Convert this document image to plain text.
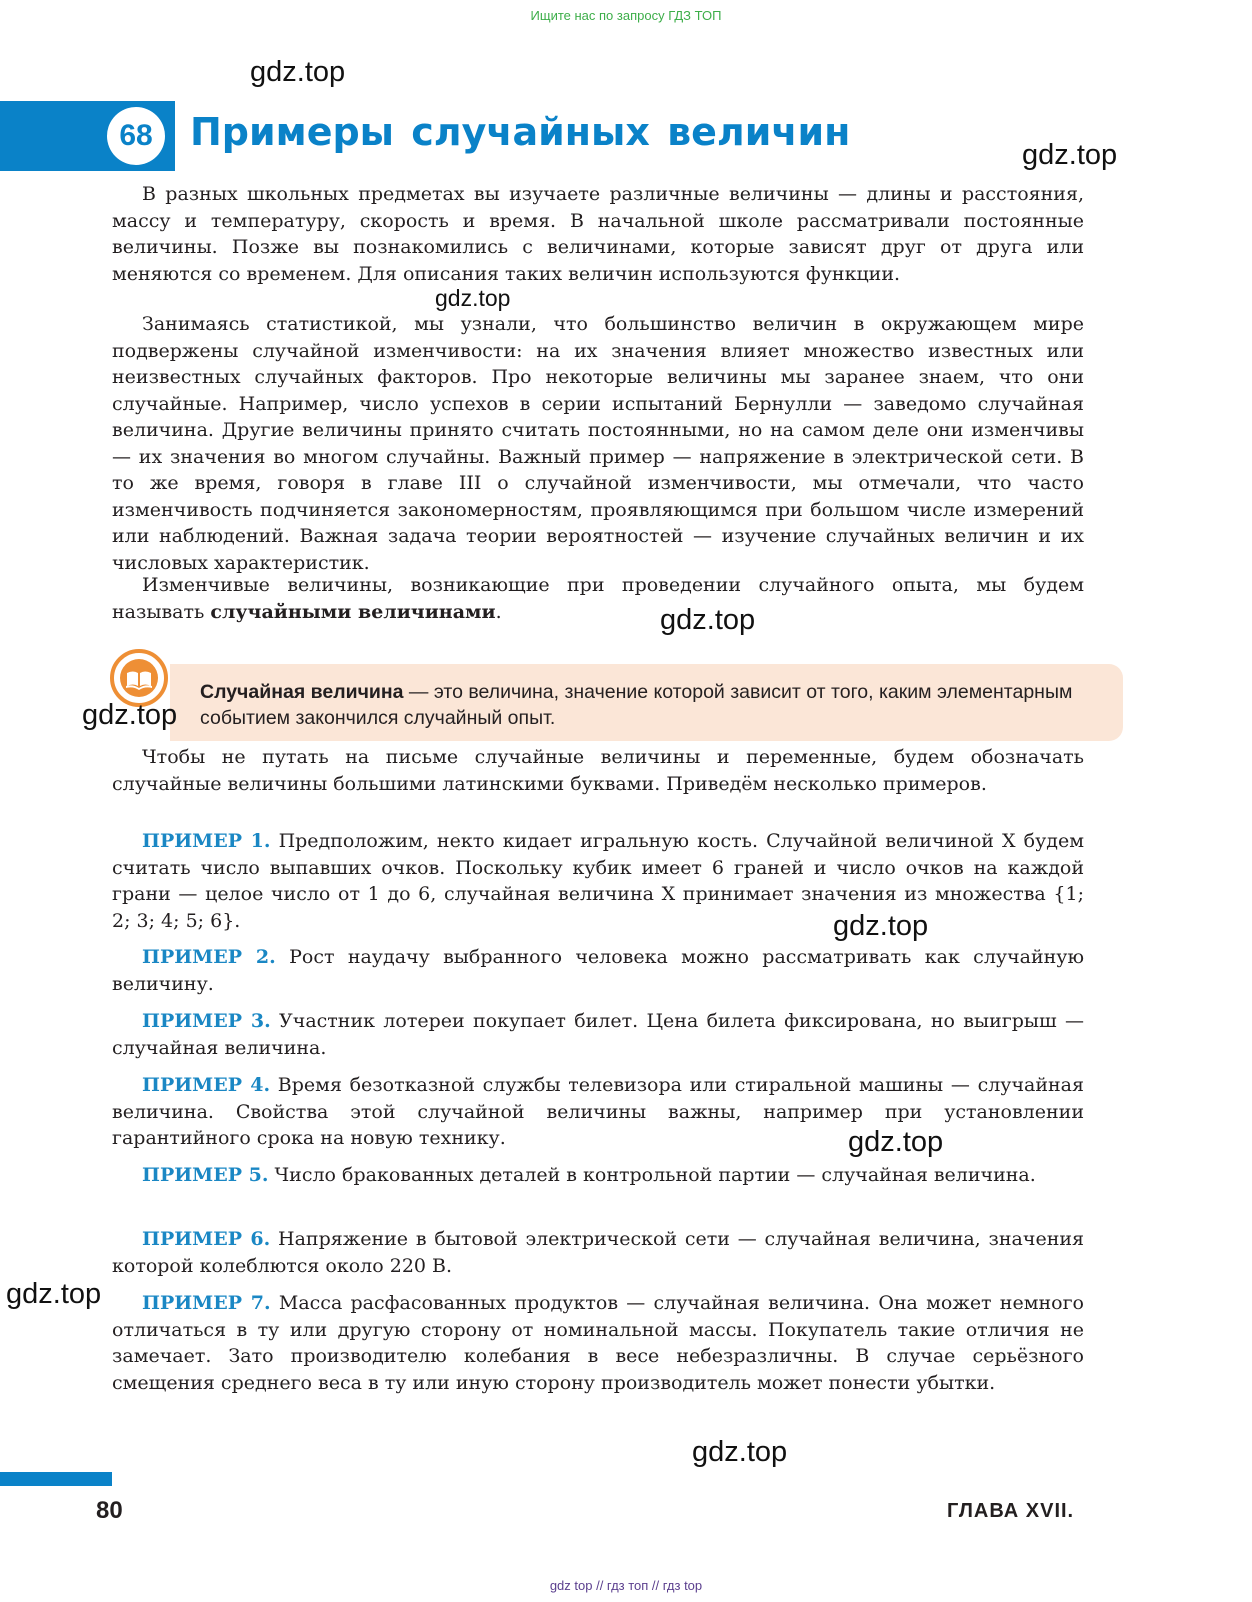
Ищите нас по запросу ГДЗ ТОП
68 Примеры случайных величин

В разных школьных предметах вы изучаете различные величины — длины и расстояния, массу и температуру, скорость и время. В начальной школе рассматривали постоянные величины. Позже вы познакомились с величинами, которые зависят друг от друга или меняются со временем. Для описания таких величин используются функции.

Занимаясь статистикой, мы узнали, что большинство величин в окружающем мире подвержены случайной изменчивости: на их значения влияет множество известных или неизвестных случайных факторов. Про некоторые величины мы заранее знаем, что они случайные. Например, число успехов в серии испытаний Бернулли — заведомо случайная величина. Другие величины принято считать постоянными, но на самом деле они изменчивы — их значения во многом случайны. Важный пример — напряжение в электрической сети. В то же время, говоря в главе III о случайной изменчивости, мы отмечали, что часто изменчивость подчиняется закономерностям, проявляющимся при большом числе измерений или наблюдений. Важная задача теории вероятностей — изучение случайных величин и их числовых характеристик.

Изменчивые величины, возникающие при проведении случайного опыта, мы будем называть случайными величинами.

Случайная величина — это величина, значение которой зависит от того, каким элементарным событием закончился случайный опыт.

Чтобы не путать на письме случайные величины и переменные, будем обозначать случайные величины большими латинскими буквами. Приведём несколько примеров.

ПРИМЕР 1. Предположим, некто кидает игральную кость. Случайной величиной X будем считать число выпавших очков. Поскольку кубик имеет 6 граней и число очков на каждой грани — целое число от 1 до 6, случайная величина X принимает значения из множества {1; 2; 3; 4; 5; 6}.

ПРИМЕР 2. Рост наудачу выбранного человека можно рассматривать как случайную величину.

ПРИМЕР 3. Участник лотереи покупает билет. Цена билета фиксирована, но выигрыш — случайная величина.

ПРИМЕР 4. Время безотказной службы телевизора или стиральной машины — случайная величина. Свойства этой случайной величины важны, например при установлении гарантийного срока на новую технику.

ПРИМЕР 5. Число бракованных деталей в контрольной партии — случайная величина.

ПРИМЕР 6. Напряжение в бытовой электрической сети — случайная величина, значения которой колеблются около 220 В.

ПРИМЕР 7. Масса расфасованных продуктов — случайная величина. Она может немного отличаться в ту или другую сторону от номинальной массы. Покупатель такие отличия не замечает. Зато производителю колебания в весе небезразличны. В случае серьёзного смещения среднего веса в ту или иную сторону производитель может понести убытки.

gdz.top
gdz.top
gdz.top
gdz.top
gdz.top
gdz.top
gdz.top
gdz.top
gdz.top
80	ГЛАВА XVII.
gdz top // гдз топ // гдз top
